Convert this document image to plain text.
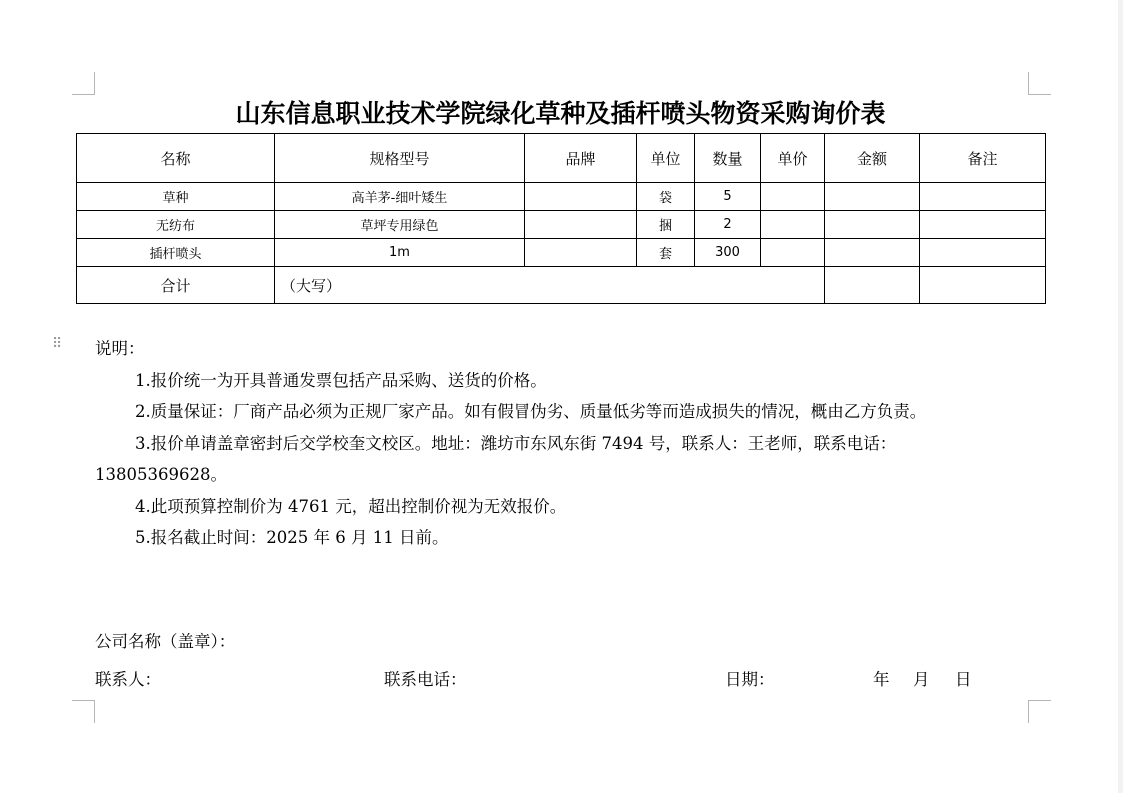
山东信息职业技术学院绿化草种及插杆喷头物资采购询价表
名称	规格型号	品牌	单位	数量	单价	金额	备注
草种	高羊茅-细叶矮生		袋	5			
无纺布	草坪专用绿色		捆	2			
插杆喷头	1m		套	300			
合计	（大写）						
⠿ 说明：

1.报价统一为开具普通发票包括产品采购、送货的价格。

2.质量保证：厂商产品必须为正规厂家产品。如有假冒伪劣、质量低劣等而造成损失的情况，概由乙方负责。

3.报价单请盖章密封后交学校奎文校区。地址：潍坊市东风东街 7494 号，联系人：王老师，联系电话：13805369628。

4.此项预算控制价为 4761 元，超出控制价视为无效报价。

5.报名截止时间：2025 年 6 月 11 日前。

公司名称（盖章）：
联系人：	联系电话：	日期：	年 月 日
